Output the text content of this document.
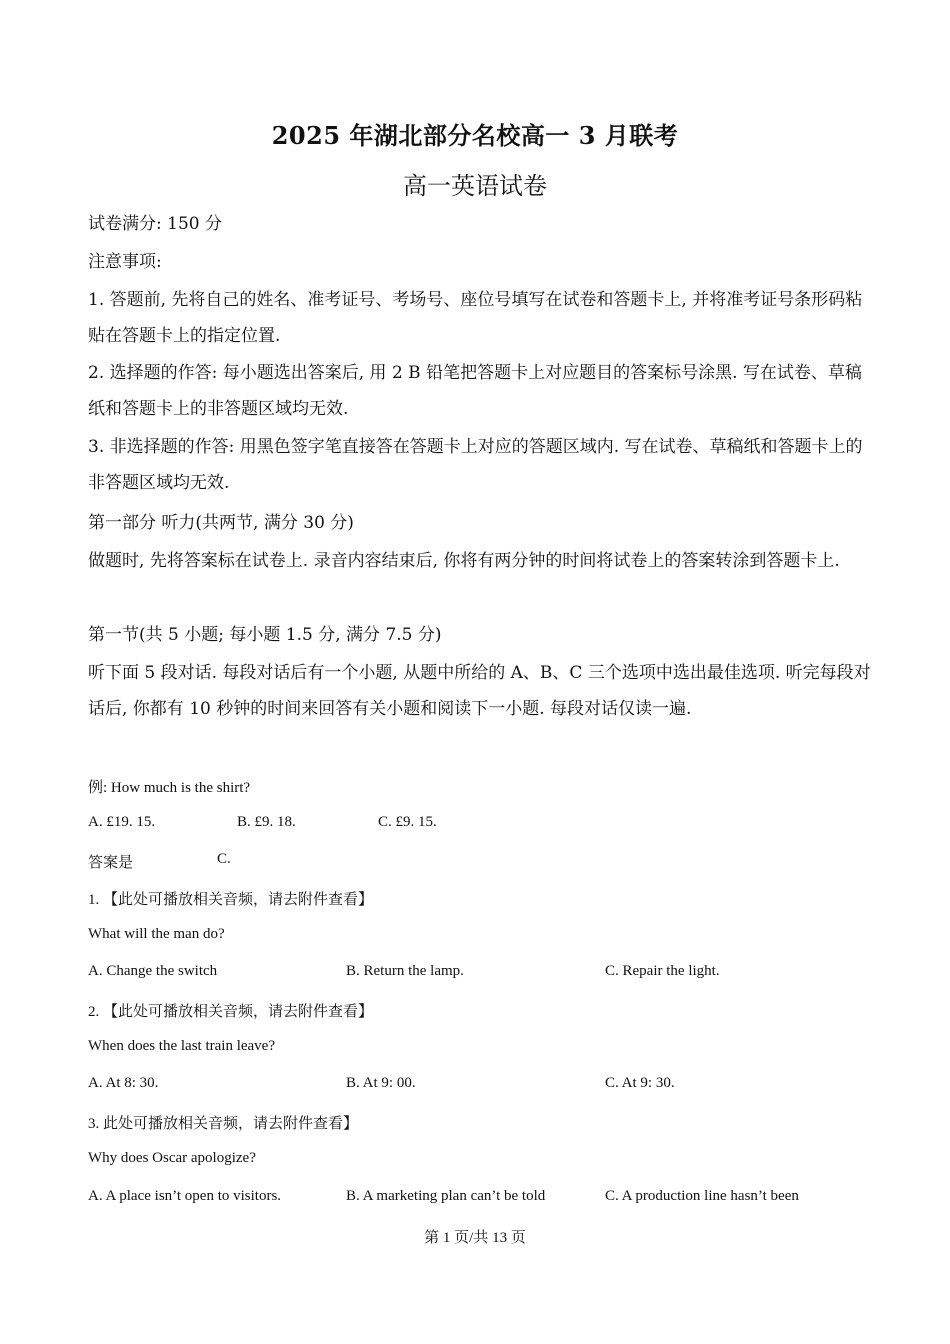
2025 年湖北部分名校高一 3 月联考
高一英语试卷
试卷满分: 150 分
注意事项:
1. 答题前, 先将自己的姓名、准考证号、考场号、座位号填写在试卷和答题卡上, 并将准考证号条形码粘贴在答题卡上的指定位置.
2. 选择题的作答: 每小题选出答案后, 用 2 B 铅笔把答题卡上对应题目的答案标号涂黑. 写在试卷、草稿纸和答题卡上的非答题区域均无效.
3. 非选择题的作答: 用黑色签字笔直接答在答题卡上对应的答题区域内. 写在试卷、草稿纸和答题卡上的非答题区域均无效.
第一部分 听力(共两节, 满分 30 分)
做题时, 先将答案标在试卷上. 录音内容结束后, 你将有两分钟的时间将试卷上的答案转涂到答题卡上.
第一节(共 5 小题; 每小题 1.5 分, 满分 7.5 分)
听下面 5 段对话. 每段对话后有一个小题, 从题中所给的 A、B、C 三个选项中选出最佳选项. 听完每段对话后, 你都有 10 秒钟的时间来回答有关小题和阅读下一小题. 每段对话仅读一遍.
例: How much is the shirt?
A. £19. 15.	B. £9. 18.	C. £9. 15.
答案是	C.
1. 【此处可播放相关音频，请去附件查看】
What will the man do?
A. Change the switch	B. Return the lamp.	C. Repair the light.
2. 【此处可播放相关音频，请去附件查看】
When does the last train leave?
A. At 8: 30.	B. At 9: 00.	C. At 9: 30.
3. 此处可播放相关音频，请去附件查看】
Why does Oscar apologize?
A. A place isn’t open to visitors.	B. A marketing plan can’t be told	C. A production line hasn’t been
第 1 页/共 13 页
